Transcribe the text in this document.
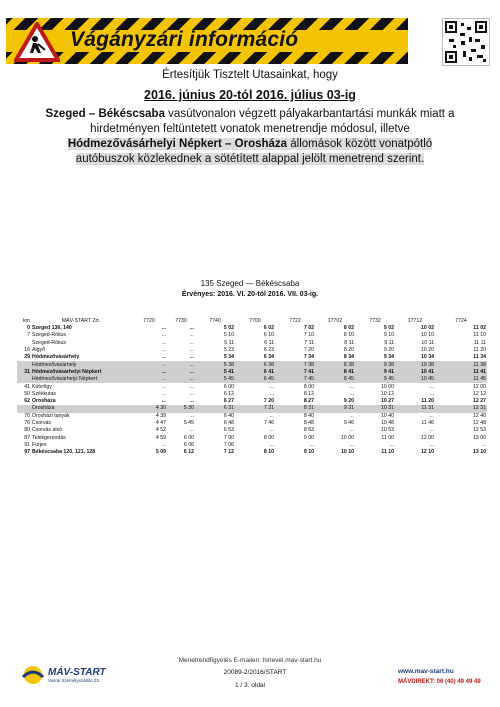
Vágányzári információ
Értesítjük Tisztelt Utasainkat, hogy
2016. június 20-tól 2016. július 03-ig
Szeged – Békéscsaba vasútvonalon végzett pályakarbantartási munkák miatt a
hirdetményen feltüntetett vonatok menetrendje módosul, illetve
Hódmezővásárhelyi Népkert – Orosháza állomások között vonatpótló
autóbuszok közlekednek a sötétített alappal jelölt menetrend szerint.
135 Szeged — Békéscsaba
Érvényes: 2016. VI. 20-tól 2016. VII. 03-ig.
km	MÁV-START Zrt.	7720	7730	7740	7700	7722	17702	7732	17712	7724
0	Szeged 136, 140	...	...	5 02	6 02	7 02	8 02	9 02	10 02	11 02
7	Szeged-Rókus	...	...	5 10	6 10	7 10	8 10	9 10	10 10	11 10
	Szeged-Rókus	...	...	5 11	6 11	7 11	8 11	9 11	10 11	11 11
16	Algyő	...	...	5 23	6 23	7 20	8 20	9 20	10 20	11 20
29	Hódmezővásárhely	...	...	5 34	6 34	7 34	8 34	9 34	10 34	11 34
	Hódmezővásárhely	...	...	5 38	6 38	7 38	8 38	9 38	10 38	11 38
31	Hódmezővásárhelyi Népkert	...	...	5 41	6 41	7 41	8 41	9 41	10 41	11 41
	Hódmezővásárhelyi Népkert	...	...	5 45	6 45	7 45	8 45	9 45	10 45	11 45
41	Kútvölgy	...	...	6 00	...	8 00	...	10 00	...	12 00
50	Székkutas	...	...	6 12	...	8 12	...	10 12	...	12 12
62	Orosháza	...	...	6 27	7 20	8 27	9 20	10 27	11 20	12 27
	Orosháza	4 30	5 30	6 31	7 31	8 31	9 31	10 31	11 31	12 31
70	Orosházi tanyák	4 39	...	6 40	...	8 40	...	10 40	...	12 40
76	Csorvás	4 47	5 45	6 48	7 46	8 48	9 46	10 48	11 46	12 48
80	Csorvás alsó	4 52	...	6 53	...	8 53	...	10 53	...	12 53
87	Telekgerendás	4 59	6 00	7 00	8 00	9 00	10 00	11 00	12 00	13 00
91	Fürjes	...	6 06	7 06	...	...	...	...	...	...
97	Békéscsaba 120, 121, 128	5 09	6 12	7 12	8 10	9 10	10 10	11 10	12 10	13 10
Menetrendfigyelés E-mailen: hirlevel.mav-start.hu
MÁV-START
Vasúti Személyszállító Zrt.
20089-2/2016/START	www.mav-start.hu
MÁVDIREKT: 06 (40) 49 49 49
1 / 3. oldal
